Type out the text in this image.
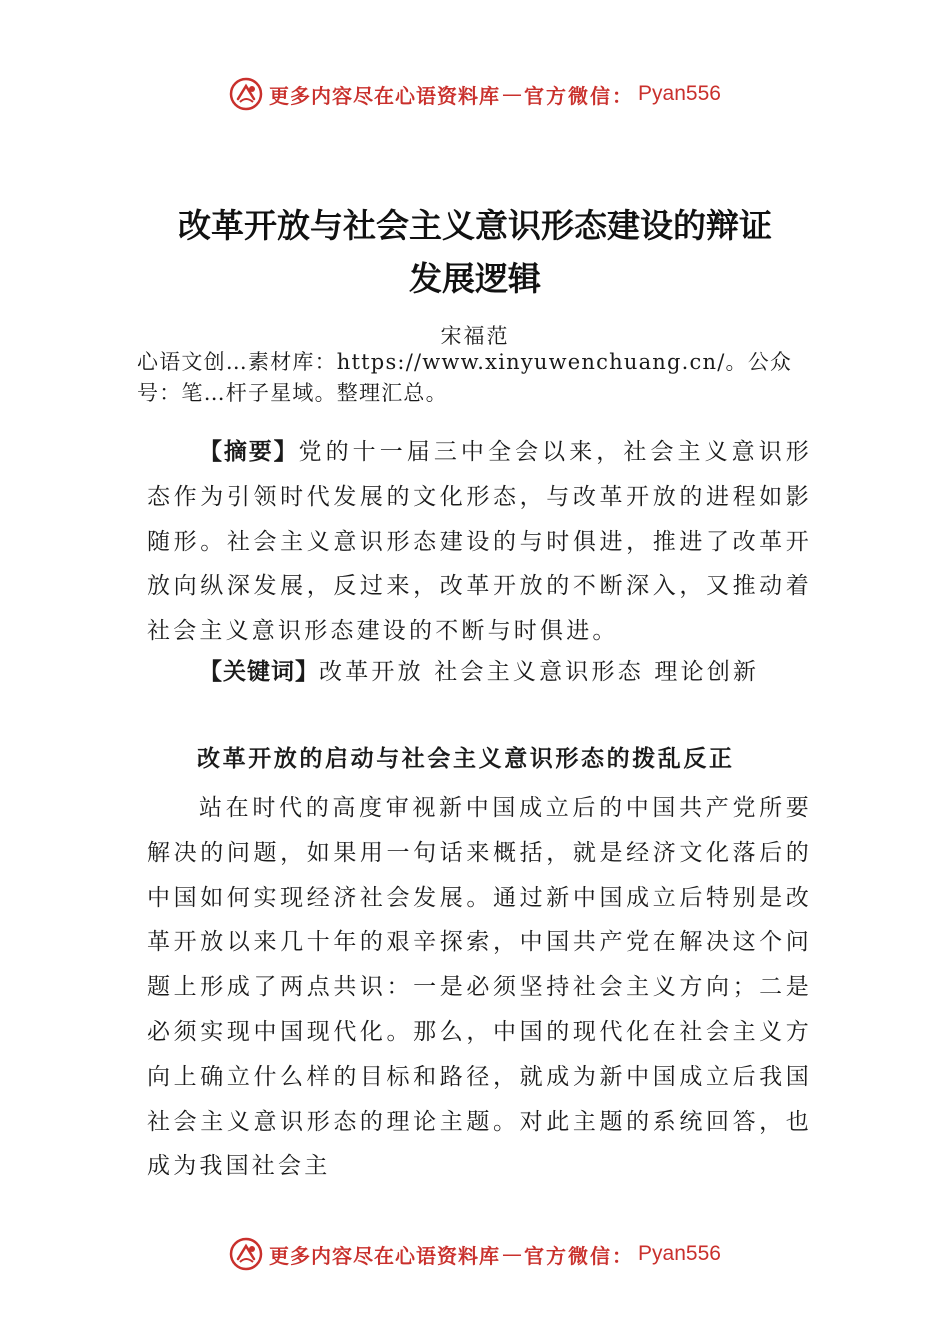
更多内容尽在心语资料库 — 官方微信： Pyan556
改革开放与社会主义意识形态建设的辩证
发展逻辑
宋福范
心语文创…素材库：https://www.xinyuwenchuang.cn/。公众号：笔…杆子星域。整理汇总。
【摘要】党的十一届三中全会以来，社会主义意识形态作为引领时代发展的文化形态，与改革开放的进程如影随形。社会主义意识形态建设的与时俱进，推进了改革开放向纵深发展，反过来，改革开放的不断深入，又推动着社会主义意识形态建设的不断与时俱进。
【关键词】改革开放 社会主义意识形态 理论创新
改革开放的启动与社会主义意识形态的拨乱反正
站在时代的高度审视新中国成立后的中国共产党所要解决的问题，如果用一句话来概括，就是经济文化落后的中国如何实现经济社会发展。通过新中国成立后特别是改革开放以来几十年的艰辛探索，中国共产党在解决这个问题上形成了两点共识：一是必须坚持社会主义方向；二是必须实现中国现代化。那么，中国的现代化在社会主义方向上确立什么样的目标和路径，就成为新中国成立后我国社会主义意识形态的理论主题。对此主题的系统回答，也成为我国社会主
更多内容尽在心语资料库 — 官方微信： Pyan556
